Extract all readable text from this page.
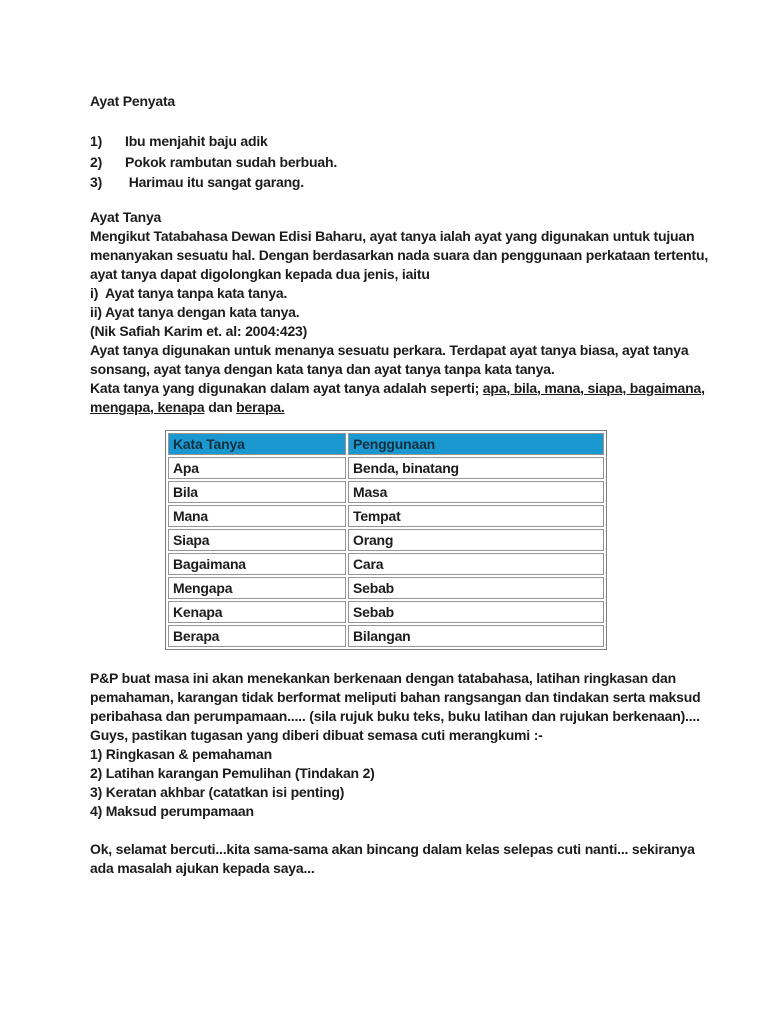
Ayat Penyata
1)	Ibu menjahit baju adik
2)	Pokok rambutan sudah berbuah.
3)	Harimau itu sangat garang.
Ayat Tanya
Mengikut Tatabahasa Dewan Edisi Baharu, ayat tanya ialah ayat yang digunakan untuk tujuan
menanyakan sesuatu hal. Dengan berdasarkan nada suara dan penggunaan perkataan tertentu,
ayat tanya dapat digolongkan kepada dua jenis, iaitu
i)  Ayat tanya tanpa kata tanya.
ii) Ayat tanya dengan kata tanya.
(Nik Safiah Karim et. al: 2004:423)
Ayat tanya digunakan untuk menanya sesuatu perkara. Terdapat ayat tanya biasa, ayat tanya
sonsang, ayat tanya dengan kata tanya dan ayat tanya tanpa kata tanya.
Kata tanya yang digunakan dalam ayat tanya adalah seperti; apa, bila, mana, siapa, bagaimana,
mengapa, kenapa dan berapa.
Kata Tanya	Penggunaan
Apa	Benda, binatang
Bila	Masa
Mana	Tempat
Siapa	Orang
Bagaimana	Cara
Mengapa	Sebab
Kenapa	Sebab
Berapa	Bilangan
P&P buat masa ini akan menekankan berkenaan dengan tatabahasa, latihan ringkasan dan
pemahaman, karangan tidak berformat meliputi bahan rangsangan dan tindakan serta maksud
peribahasa dan perumpamaan..... (sila rujuk buku teks, buku latihan dan rujukan berkenaan)....
Guys, pastikan tugasan yang diberi dibuat semasa cuti merangkumi :-
1) Ringkasan & pemahaman
2) Latihan karangan Pemulihan (Tindakan 2)
3) Keratan akhbar (catatkan isi penting)
4) Maksud perumpamaan
Ok, selamat bercuti...kita sama-sama akan bincang dalam kelas selepas cuti nanti... sekiranya
ada masalah ajukan kepada saya...
